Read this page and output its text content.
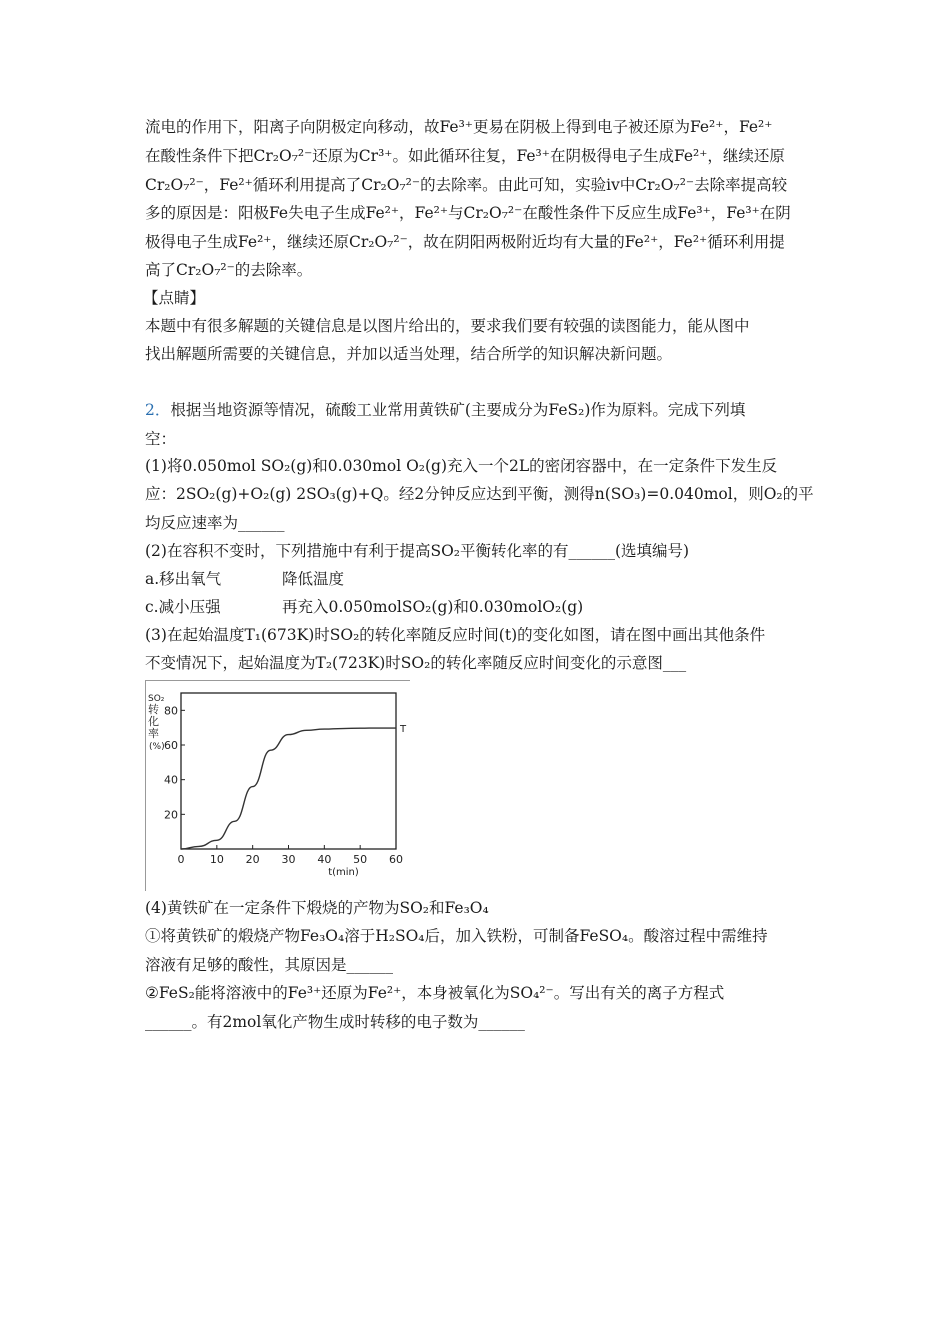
流电的作用下，阳离子向阴极定向移动，故Fe³⁺更易在阴极上得到电子被还原为Fe²⁺，Fe²⁺
在酸性条件下把Cr₂O₇²⁻还原为Cr³⁺。如此循环往复，Fe³⁺在阴极得电子生成Fe²⁺，继续还原
Cr₂O₇²⁻，Fe²⁺循环利用提高了Cr₂O₇²⁻的去除率。由此可知，实验ⅳ中Cr₂O₇²⁻去除率提高较
多的原因是：阳极Fe失电子生成Fe²⁺，Fe²⁺与Cr₂O₇²⁻在酸性条件下反应生成Fe³⁺，Fe³⁺在阴
极得电子生成Fe²⁺，继续还原Cr₂O₇²⁻，故在阴阳两极附近均有大量的Fe²⁺，Fe²⁺循环利用提
高了Cr₂O₇²⁻的去除率。
【点睛】
本题中有很多解题的关键信息是以图片给出的，要求我们要有较强的读图能力，能从图中
找出解题所需要的关键信息，并加以适当处理，结合所学的知识解决新问题。
2．根据当地资源等情况，硫酸工业常用黄铁矿(主要成分为FeS₂)作为原料。完成下列填
空：
(1)将0.050mol SO₂(g)和0.030mol O₂(g)充入一个2L的密闭容器中，在一定条件下发生反
应：2SO₂(g)+O₂(g) 2SO₃(g)+Q。经2分钟反应达到平衡，测得n(SO₃)=0.040mol，则O₂的平
均反应速率为______
(2)在容积不变时，下列措施中有利于提高SO₂平衡转化率的有______(选填编号)
a.移出氧气	降低温度
c.减小压强	再充入0.050molSO₂(g)和0.030molO₂(g)
(3)在起始温度T₁(673K)时SO₂的转化率随反应时间(t)的变化如图，请在图中画出其他条件
不变情况下，起始温度为T₂(723K)时SO₂的转化率随反应时间变化的示意图___
0 10 20 30 40 50 60
20
40
60
80
SO₂
转
化
率
(%)
t(min)
T
(4)黄铁矿在一定条件下煅烧的产物为SO₂和Fe₃O₄
①将黄铁矿的煅烧产物Fe₃O₄溶于H₂SO₄后，加入铁粉，可制备FeSO₄。酸溶过程中需维持
溶液有足够的酸性，其原因是______
②FeS₂能将溶液中的Fe³⁺还原为Fe²⁺，本身被氧化为SO₄²⁻。写出有关的离子方程式
______。有2mol氧化产物生成时转移的电子数为______
